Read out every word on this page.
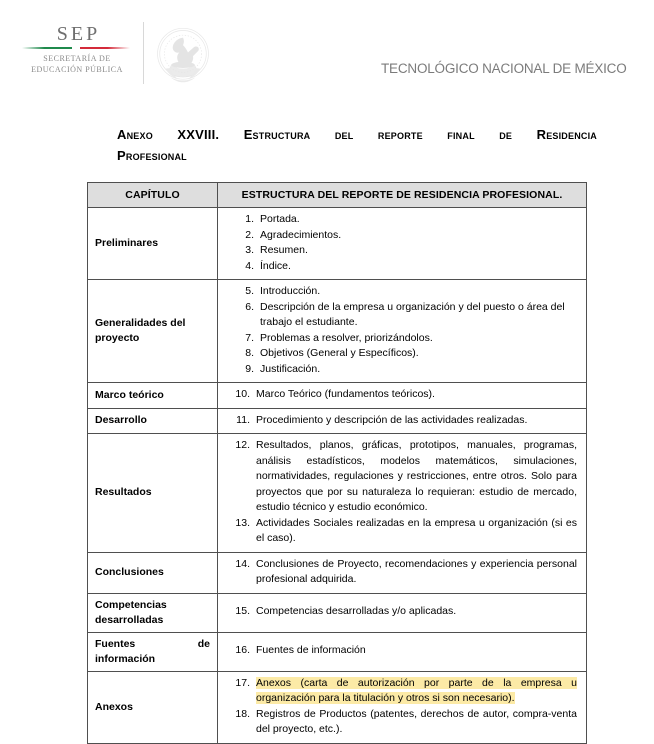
SEP
SECRETARÍA DE
EDUCACIÓN PÚBLICA	TECNOLÓGICO NACIONAL DE MÉXICO
Anexo XXVIII. Estructura del reporte final de Residencia
Profesional
CAPÍTULO	ESTRUCTURA DEL REPORTE DE RESIDENCIA PROFESIONAL.
Preliminares	
1. Portada.
2. Agradecimientos.
3. Resumen.
4. Índice.

Generalidades del proyecto	
5. Introducción.
6. Descripción de la empresa u organización y del puesto o área del trabajo el estudiante.
7. Problemas a resolver, priorizándolos.
8. Objetivos (General y Específicos).
9. Justificación.

Marco teórico	10. Marco Teórico (fundamentos teóricos).

Desarrollo	11. Procedimiento y descripción de las actividades realizadas.

Resultados	
12. Resultados, planos, gráficas, prototipos, manuales, programas, análisis estadísticos, modelos matemáticos, simulaciones, normatividades, regulaciones y restricciones, entre otros. Solo para proyectos que por su naturaleza lo requieran: estudio de mercado, estudio técnico y estudio económico.
13. Actividades Sociales realizadas en la empresa u organización (si es el caso).

Conclusiones	
14. Conclusiones de Proyecto, recomendaciones y experiencia personal profesional adquirida.

Competencias desarrolladas	
15. Competencias desarrolladas y/o aplicadas.

Fuentes de información	
16. Fuentes de información

Anexos	
17. Anexos (carta de autorización por parte de la empresa u organización para la titulación y otros si son necesario).
18. Registros de Productos (patentes, derechos de autor, compra-venta del proyecto, etc.).
